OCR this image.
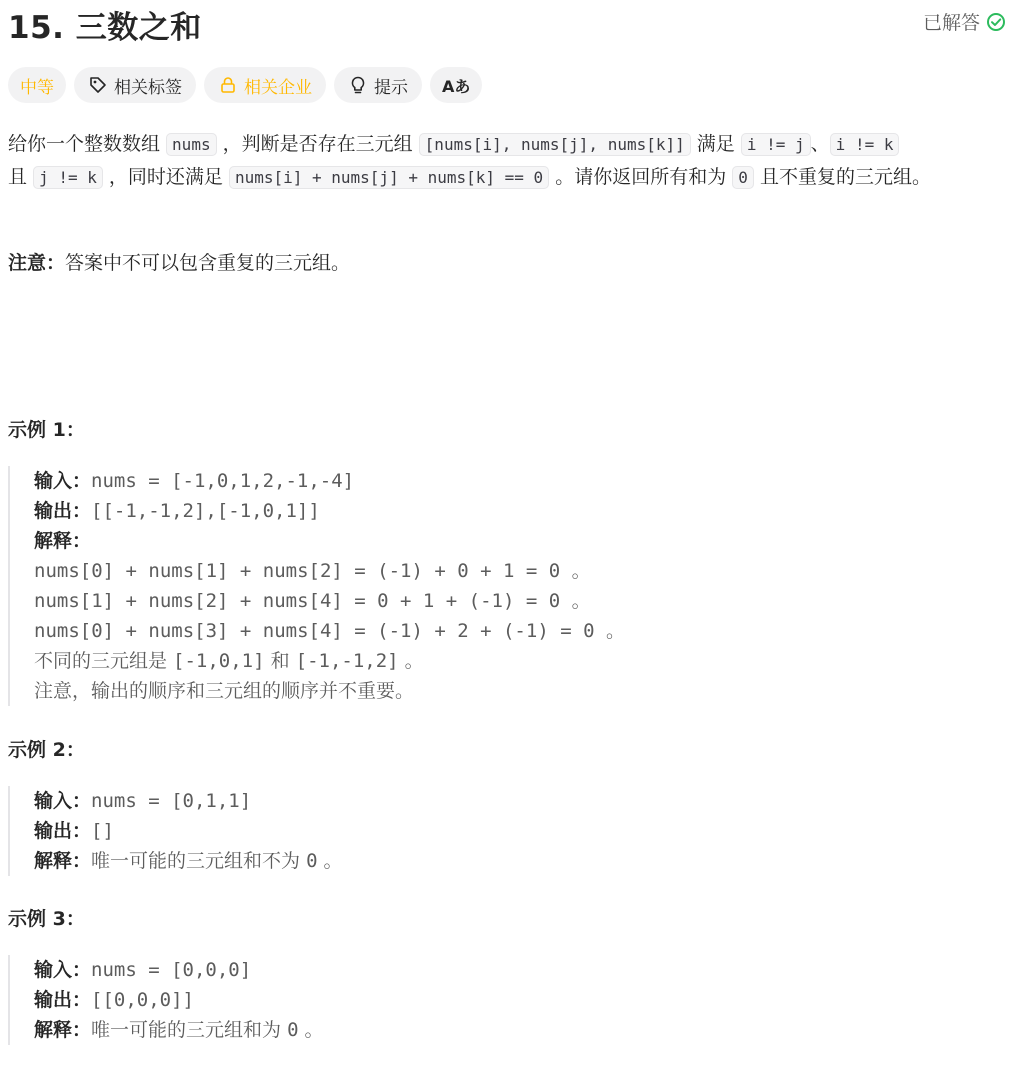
15. 三数之和	已解答
中等	相关标签	相关企业	提示 Aあ

给你一个整数数组 nums ，判断是否存在三元组 [nums[i], nums[j], nums[k]] 满足 i != j 、 i != k
且 j != k ，同时还满足 nums[i] + nums[j] + nums[k] == 0 。请你返回所有和为 0 且不重复的三元组。

注意：答案中不可以包含重复的三元组。
示例 1：
输入：nums = [-1,0,1,2,-1,-4]
输出：[[-1,-1,2],[-1,0,1]]
解释：
nums[0] + nums[1] + nums[2] = (-1) + 0 + 1 = 0 。
nums[1] + nums[2] + nums[4] = 0 + 1 + (-1) = 0 。
nums[0] + nums[3] + nums[4] = (-1) + 2 + (-1) = 0 。
不同的三元组是 [-1,0,1] 和 [-1,-1,2] 。
注意，输出的顺序和三元组的顺序并不重要。
示例 2：
输入：nums = [0,1,1]
输出：[]
解释：唯一可能的三元组和不为 0 。
示例 3：
输入：nums = [0,0,0]
输出：[[0,0,0]]
解释：唯一可能的三元组和为 0 。
